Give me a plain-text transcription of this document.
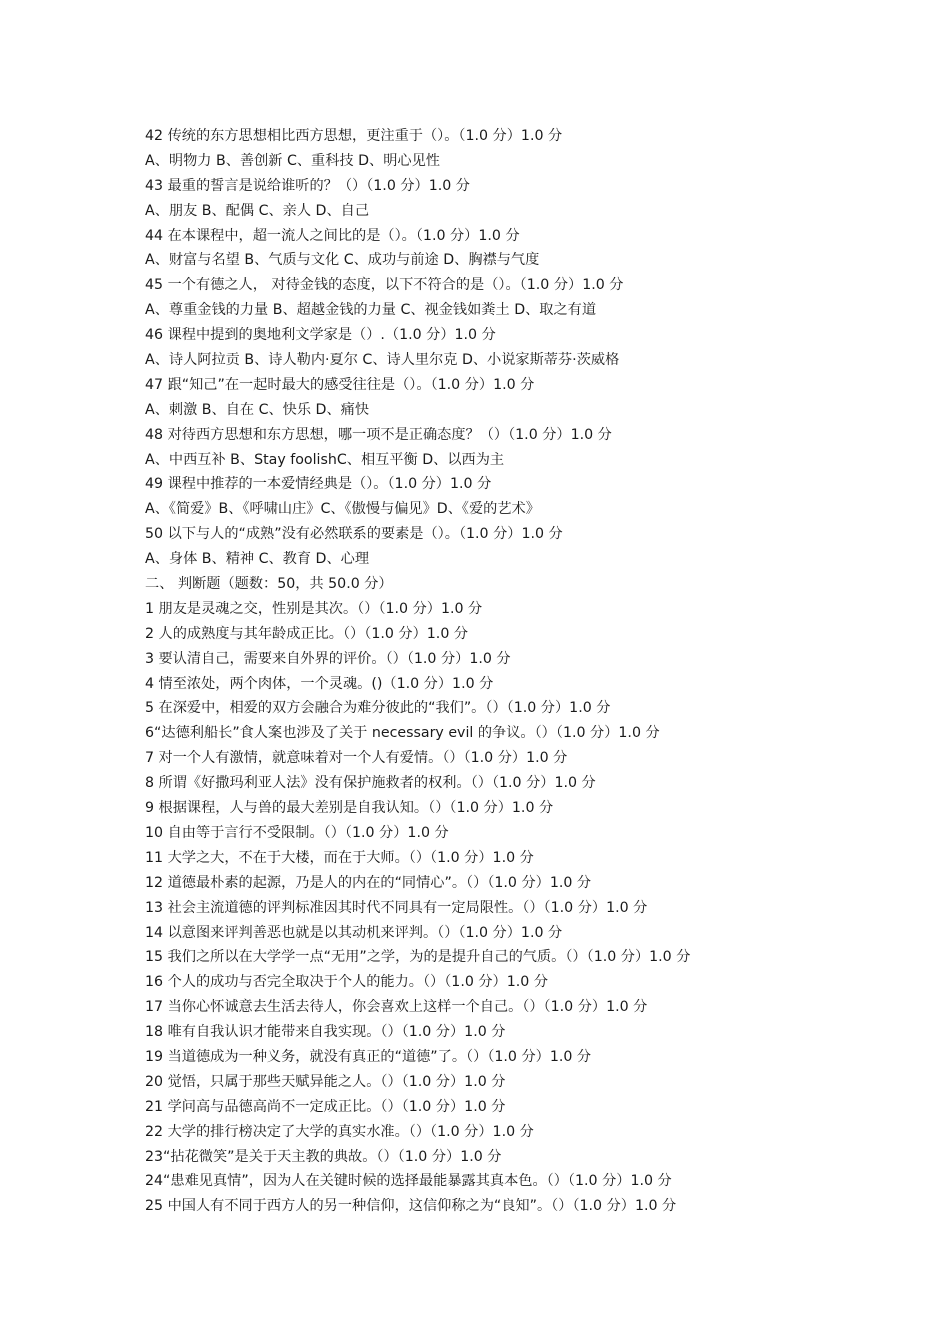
42 传统的东方思想相比西方思想，更注重于（）。（1.0 分）1.0 分
A、明物力 B、善创新 C、重科技 D、明心见性
43 最重的誓言是说给谁听的？（）（1.0 分）1.0 分
A、朋友 B、配偶 C、亲人 D、自己
44 在本课程中，超一流人之间比的是（）。（1.0 分）1.0 分
A、财富与名望 B、气质与文化 C、成功与前途 D、胸襟与气度
45 一个有德之人， 对待金钱的态度，以下不符合的是（）。（1.0 分）1.0 分
A、尊重金钱的力量 B、超越金钱的力量 C、视金钱如粪土 D、取之有道
46 课程中提到的奥地利文学家是（）.（1.0 分）1.0 分
A、诗人阿拉贡 B、诗人勒内·夏尔 C、诗人里尔克 D、小说家斯蒂芬·茨威格
47 跟“知己”在一起时最大的感受往往是（）。（1.0 分）1.0 分
A、刺激 B、自在 C、快乐 D、痛快
48 对待西方思想和东方思想，哪一项不是正确态度？（）（1.0 分）1.0 分
A、中西互补 B、Stay foolishC、相互平衡 D、以西为主
49 课程中推荐的一本爱情经典是（）。（1.0 分）1.0 分
A、《简爱》B、《呼啸山庄》C、《傲慢与偏见》D、《爱的艺术》
50 以下与人的“成熟”没有必然联系的要素是（）。（1.0 分）1.0 分
A、身体 B、精神 C、教育 D、心理
二、 判断题（题数：50，共 50.0 分）
1 朋友是灵魂之交，性别是其次。（）（1.0 分）1.0 分
2 人的成熟度与其年龄成正比。（）（1.0 分）1.0 分
3 要认清自己，需要来自外界的评价。（）（1.0 分）1.0 分
4 情至浓处，两个肉体，一个灵魂。()（1.0 分）1.0 分
5 在深爱中，相爱的双方会融合为难分彼此的“我们”。（）（1.0 分）1.0 分
6“达德利船长”食人案也涉及了关于 necessary evil 的争议。（）（1.0 分）1.0 分
7 对一个人有激情，就意味着对一个人有爱情。（）（1.0 分）1.0 分
8 所谓《好撒玛利亚人法》没有保护施救者的权利。（）（1.0 分）1.0 分
9 根据课程，人与兽的最大差别是自我认知。（）（1.0 分）1.0 分
10 自由等于言行不受限制。（）（1.0 分）1.0 分
11 大学之大，不在于大楼，而在于大师。（）（1.0 分）1.0 分
12 道德最朴素的起源，乃是人的内在的“同情心”。（）（1.0 分）1.0 分
13 社会主流道德的评判标准因其时代不同具有一定局限性。（）（1.0 分）1.0 分
14 以意图来评判善恶也就是以其动机来评判。（）（1.0 分）1.0 分
15 我们之所以在大学学一点“无用”之学，为的是提升自己的气质。（）（1.0 分）1.0 分
16 个人的成功与否完全取决于个人的能力。（）（1.0 分）1.0 分
17 当你心怀诚意去生活去待人，你会喜欢上这样一个自己。（）（1.0 分）1.0 分
18 唯有自我认识才能带来自我实现。（）（1.0 分）1.0 分
19 当道德成为一种义务，就没有真正的“道德”了。（）（1.0 分）1.0 分
20 觉悟，只属于那些天赋异能之人。（）（1.0 分）1.0 分
21 学问高与品德高尚不一定成正比。（）（1.0 分）1.0 分
22 大学的排行榜决定了大学的真实水准。（）（1.0 分）1.0 分
23“拈花微笑”是关于天主教的典故。（）（1.0 分）1.0 分
24“患难见真情”，因为人在关键时候的选择最能暴露其真本色。（）（1.0 分）1.0 分
25 中国人有不同于西方人的另一种信仰，这信仰称之为“良知”。（）（1.0 分）1.0 分
